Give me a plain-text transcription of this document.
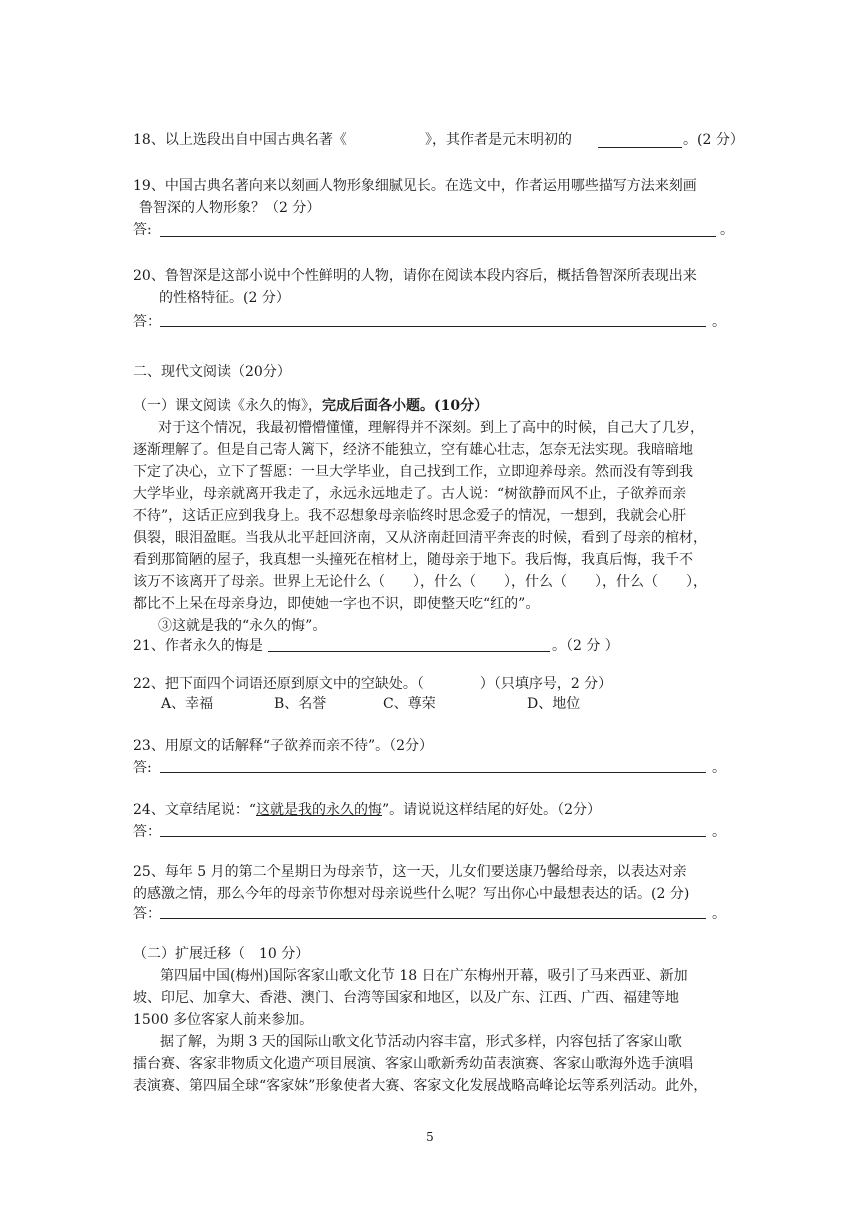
18、以上选段出自中国古典名著《	》，其作者是元末明初的	。(2 分）
19、中国古典名著向来以刻画人物形象细腻见长。在选文中，作者运用哪些描写方法来刻画
鲁智深的人物形象？（2 分）
答:	。
20、鲁智深是这部小说中个性鲜明的人物，请你在阅读本段内容后，概括鲁智深所表现出来
的性格特征。(2 分）
答：	。
二、现代文阅读（20分）
（一）课文阅读《永久的悔》，完成后面各小题。(10分）
对于这个情况，我最初懵懵懂懂，理解得并不深刻。到上了高中的时候，自己大了几岁，
逐渐理解了。但是自己寄人篱下，经济不能独立，空有雄心壮志，怎奈无法实现。我暗暗地
下定了决心，立下了誓愿：一旦大学毕业，自己找到工作，立即迎养母亲。然而没有等到我
大学毕业，母亲就离开我走了，永远永远地走了。古人说：“树欲静而风不止，子欲养而亲
不待”，这话正应到我身上。我不忍想象母亲临终时思念爱子的情况，一想到，我就会心肝
俱裂，眼泪盈眶。当我从北平赶回济南，又从济南赶回清平奔丧的时候，看到了母亲的棺材，
看到那简陋的屋子，我真想一头撞死在棺材上，随母亲于地下。我后悔，我真后悔，我千不
该万不该离开了母亲。世界上无论什么（　　），什么（　　），什么（　　），什么（　　），
都比不上呆在母亲身边，即使她一字也不识，即使整天吃“红的”。
③这就是我的“永久的悔”。
21、作者永久的悔是	。（2 分 ）
22、把下面四个词语还原到原文中的空缺处。（　　　　）（只填序号，2 分）
A、幸福	B、名誉	C、尊荣	D、地位
23、用原文的话解释“子欲养而亲不待”。（2分）
答:	。
24、文章结尾说：“这就是我的永久的悔”。请说说这样结尾的好处。（2分）
答：	。
25、每年 5 月的第二个星期日为母亲节，这一天，儿女们要送康乃馨给母亲，以表达对亲
的感激之情，那么今年的母亲节你想对母亲说些什么呢？写出你心中最想表达的话。(2 分)
答：	。
（二）扩展迁移（　10 分）
第四届中国(梅州)国际客家山歌文化节 18 日在广东梅州开幕，吸引了马来西亚、新加
坡、印尼、加拿大、香港、澳门、台湾等国家和地区，以及广东、江西、广西、福建等地
1500 多位客家人前来参加。
据了解，为期 3 天的国际山歌文化节活动内容丰富，形式多样，内容包括了客家山歌
擂台赛、客家非物质文化遗产项目展演、客家山歌新秀幼苗表演赛、客家山歌海外选手演唱
表演赛、第四届全球“客家妹”形象使者大赛、客家文化发展战略高峰论坛等系列活动。此外，
5
